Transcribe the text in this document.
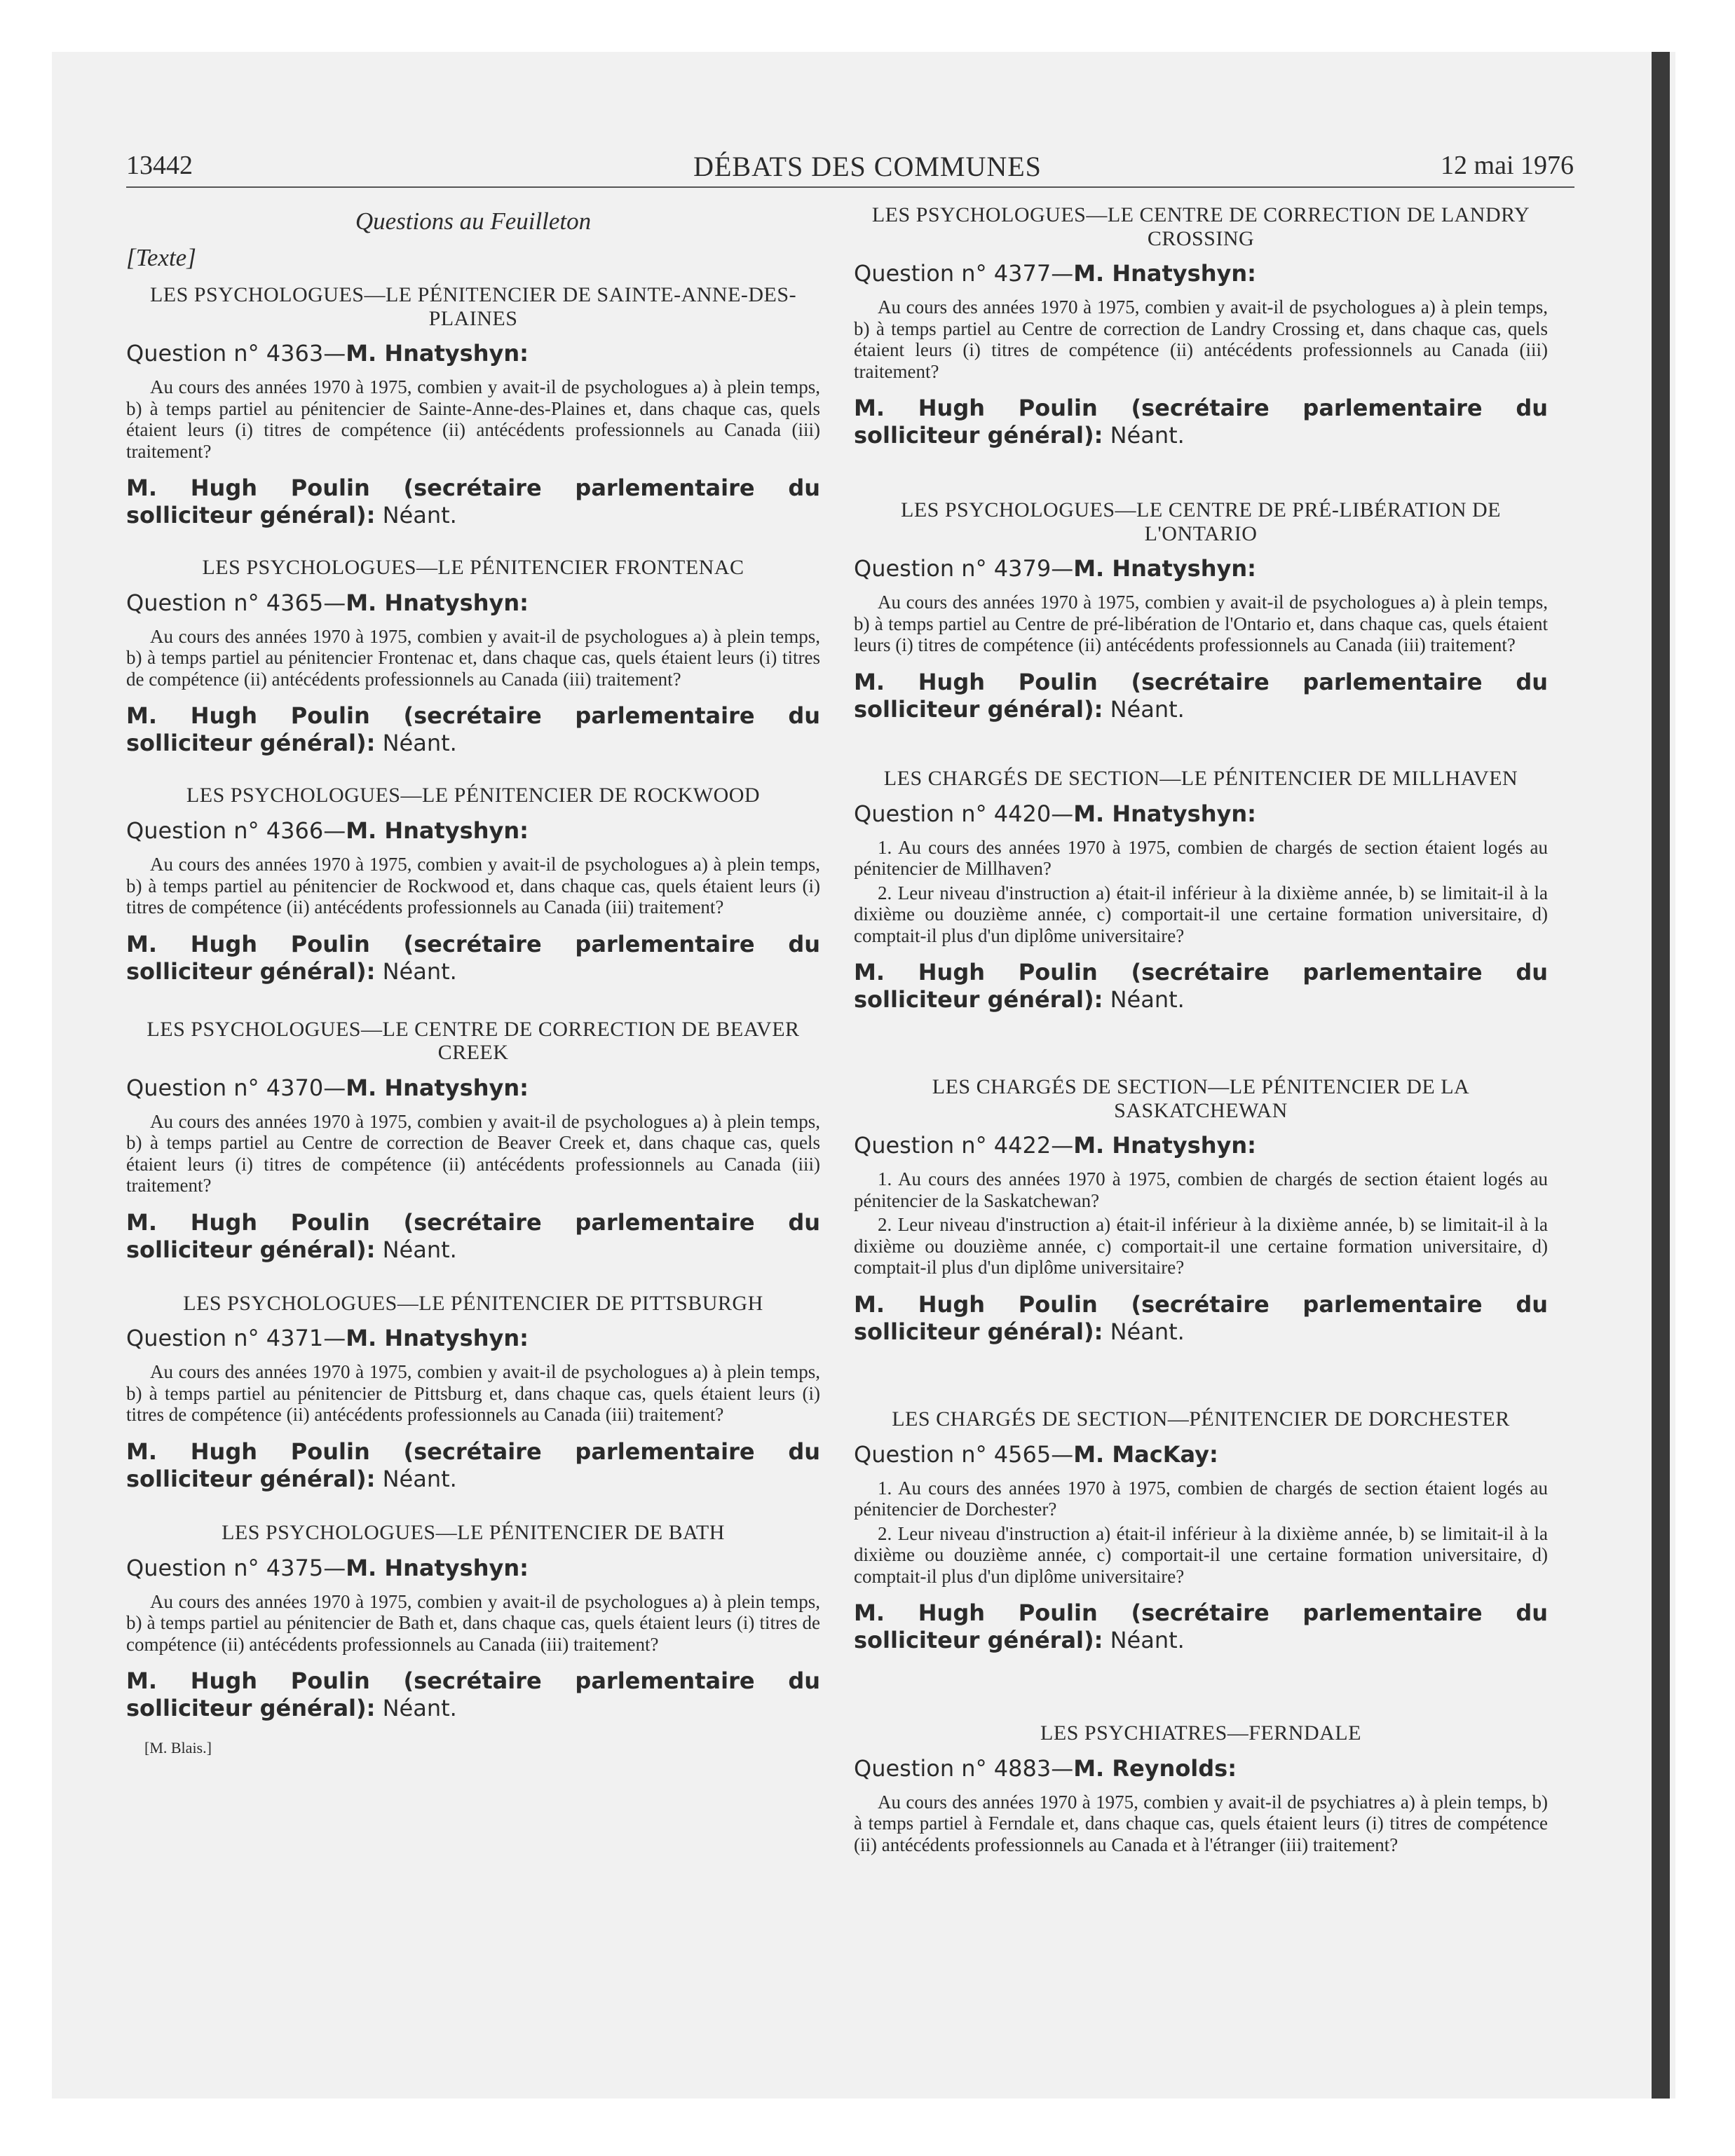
13442	DÉBATS DES COMMUNES	12 mai 1976
Questions au Feuilleton
[Texte]
LES PSYCHOLOGUES—LE PÉNITENCIER DE SAINTE-ANNE-DES-PLAINES
Question n° 4363—M. Hnatyshyn:
Au cours des années 1970 à 1975, combien y avait-il de psychologues a) à plein temps, b) à temps partiel au pénitencier de Sainte-Anne-des-Plaines et, dans chaque cas, quels étaient leurs (i) titres de compétence (ii) antécédents professionnels au Canada (iii) traitement?
M. Hugh Poulin (secrétaire parlementaire du solliciteur général): Néant.
LES PSYCHOLOGUES—LE PÉNITENCIER FRONTENAC
Question n° 4365—M. Hnatyshyn:
Au cours des années 1970 à 1975, combien y avait-il de psychologues a) à plein temps, b) à temps partiel au pénitencier Frontenac et, dans chaque cas, quels étaient leurs (i) titres de compétence (ii) antécédents professionnels au Canada (iii) traitement?
M. Hugh Poulin (secrétaire parlementaire du solliciteur général): Néant.
LES PSYCHOLOGUES—LE PÉNITENCIER DE ROCKWOOD
Question n° 4366—M. Hnatyshyn:
Au cours des années 1970 à 1975, combien y avait-il de psychologues a) à plein temps, b) à temps partiel au pénitencier de Rockwood et, dans chaque cas, quels étaient leurs (i) titres de compétence (ii) antécédents professionnels au Canada (iii) traitement?
M. Hugh Poulin (secrétaire parlementaire du solliciteur général): Néant.
LES PSYCHOLOGUES—LE CENTRE DE CORRECTION DE BEAVER CREEK
Question n° 4370—M. Hnatyshyn:
Au cours des années 1970 à 1975, combien y avait-il de psychologues a) à plein temps, b) à temps partiel au Centre de correction de Beaver Creek et, dans chaque cas, quels étaient leurs (i) titres de compétence (ii) antécédents professionnels au Canada (iii) traitement?
M. Hugh Poulin (secrétaire parlementaire du solliciteur général): Néant.
LES PSYCHOLOGUES—LE PÉNITENCIER DE PITTSBURGH
Question n° 4371—M. Hnatyshyn:
Au cours des années 1970 à 1975, combien y avait-il de psychologues a) à plein temps, b) à temps partiel au pénitencier de Pittsburg et, dans chaque cas, quels étaient leurs (i) titres de compétence (ii) antécédents professionnels au Canada (iii) traitement?
M. Hugh Poulin (secrétaire parlementaire du solliciteur général): Néant.
LES PSYCHOLOGUES—LE PÉNITENCIER DE BATH
Question n° 4375—M. Hnatyshyn:
Au cours des années 1970 à 1975, combien y avait-il de psychologues a) à plein temps, b) à temps partiel au pénitencier de Bath et, dans chaque cas, quels étaient leurs (i) titres de compétence (ii) antécédents professionnels au Canada (iii) traitement?
M. Hugh Poulin (secrétaire parlementaire du solliciteur général): Néant.
[M. Blais.]
LES PSYCHOLOGUES—LE CENTRE DE CORRECTION DE LANDRY CROSSING
Question n° 4377—M. Hnatyshyn:
Au cours des années 1970 à 1975, combien y avait-il de psychologues a) à plein temps, b) à temps partiel au Centre de correction de Landry Crossing et, dans chaque cas, quels étaient leurs (i) titres de compétence (ii) antécédents professionnels au Canada (iii) traitement?
M. Hugh Poulin (secrétaire parlementaire du solliciteur général): Néant.
LES PSYCHOLOGUES—LE CENTRE DE PRÉ-LIBÉRATION DE L'ONTARIO
Question n° 4379—M. Hnatyshyn:
Au cours des années 1970 à 1975, combien y avait-il de psychologues a) à plein temps, b) à temps partiel au Centre de pré-libération de l'Ontario et, dans chaque cas, quels étaient leurs (i) titres de compétence (ii) antécédents professionnels au Canada (iii) traitement?
M. Hugh Poulin (secrétaire parlementaire du solliciteur général): Néant.
LES CHARGÉS DE SECTION—LE PÉNITENCIER DE MILLHAVEN
Question n° 4420—M. Hnatyshyn:
1. Au cours des années 1970 à 1975, combien de chargés de section étaient logés au pénitencier de Millhaven?
2. Leur niveau d'instruction a) était-il inférieur à la dixième année, b) se limitait-il à la dixième ou douzième année, c) comportait-il une certaine formation universitaire, d) comptait-il plus d'un diplôme universitaire?
M. Hugh Poulin (secrétaire parlementaire du solliciteur général): Néant.
LES CHARGÉS DE SECTION—LE PÉNITENCIER DE LA SASKATCHEWAN
Question n° 4422—M. Hnatyshyn:
1. Au cours des années 1970 à 1975, combien de chargés de section étaient logés au pénitencier de la Saskatchewan?
2. Leur niveau d'instruction a) était-il inférieur à la dixième année, b) se limitait-il à la dixième ou douzième année, c) comportait-il une certaine formation universitaire, d) comptait-il plus d'un diplôme universitaire?
M. Hugh Poulin (secrétaire parlementaire du solliciteur général): Néant.
LES CHARGÉS DE SECTION—PÉNITENCIER DE DORCHESTER
Question n° 4565—M. MacKay:
1. Au cours des années 1970 à 1975, combien de chargés de section étaient logés au pénitencier de Dorchester?
2. Leur niveau d'instruction a) était-il inférieur à la dixième année, b) se limitait-il à la dixième ou douzième année, c) comportait-il une certaine formation universitaire, d) comptait-il plus d'un diplôme universitaire?
M. Hugh Poulin (secrétaire parlementaire du solliciteur général): Néant.
LES PSYCHIATRES—FERNDALE
Question n° 4883—M. Reynolds:
Au cours des années 1970 à 1975, combien y avait-il de psychiatres a) à plein temps, b) à temps partiel à Ferndale et, dans chaque cas, quels étaient leurs (i) titres de compétence (ii) antécédents professionnels au Canada et à l'étranger (iii) traitement?
